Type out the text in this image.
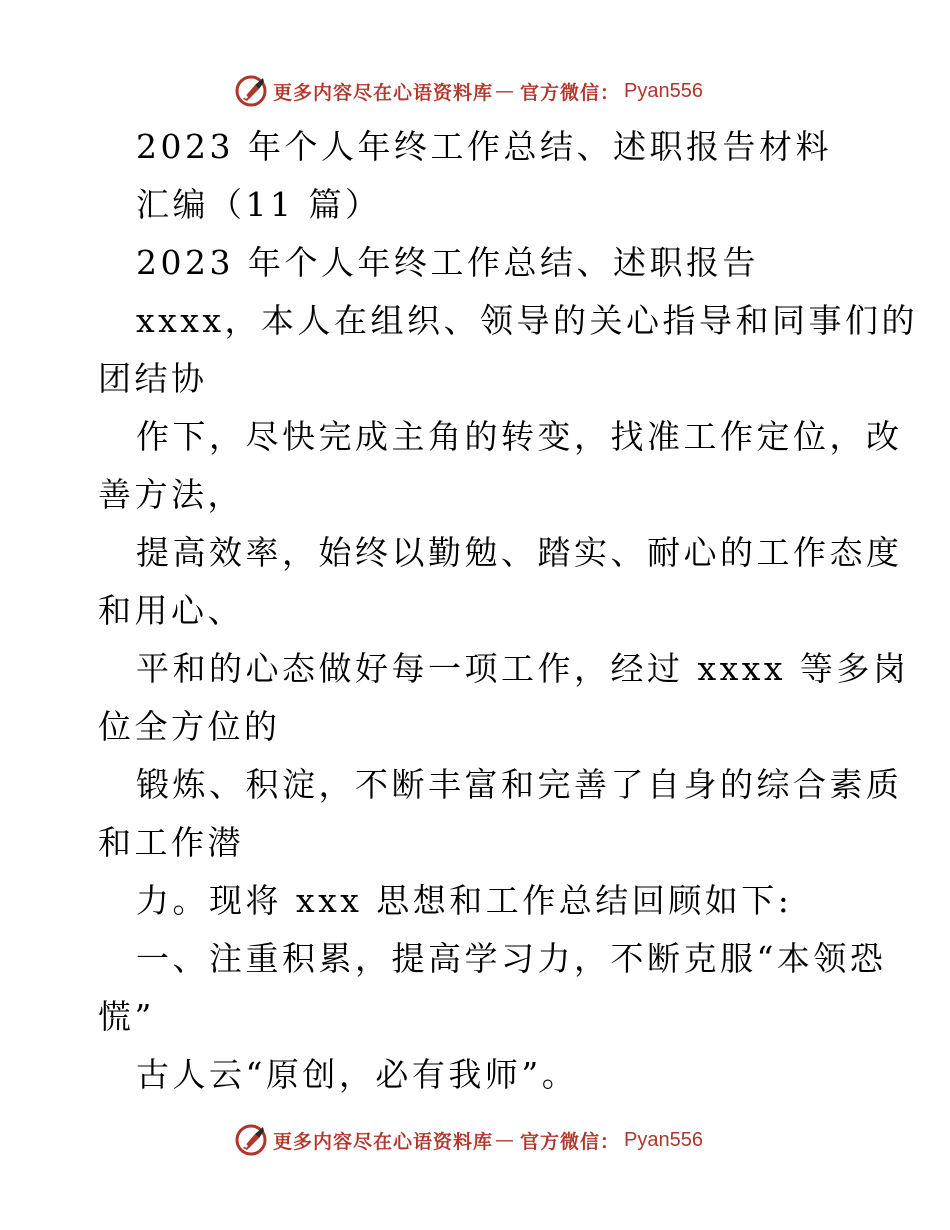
更多内容尽在心语资料库 — 官方微信： Pyan556
2023 年个人年终工作总结、述职报告材料
汇编（11 篇）
2023 年个人年终工作总结、述职报告
xxxx，本人在组织、领导的关心指导和同事们的
团结协
作下，尽快完成主角的转变，找准工作定位，改
善方法，
提高效率，始终以勤勉、踏实、耐心的工作态度
和用心、
平和的心态做好每一项工作，经过 xxxx 等多岗
位全方位的
锻炼、积淀，不断丰富和完善了自身的综合素质
和工作潜
力。现将 xxx 思想和工作总结回顾如下:
一、注重积累，提高学习力，不断克服“本领恐
慌”
古人云“原创，必有我师”。
更多内容尽在心语资料库 — 官方微信： Pyan556
